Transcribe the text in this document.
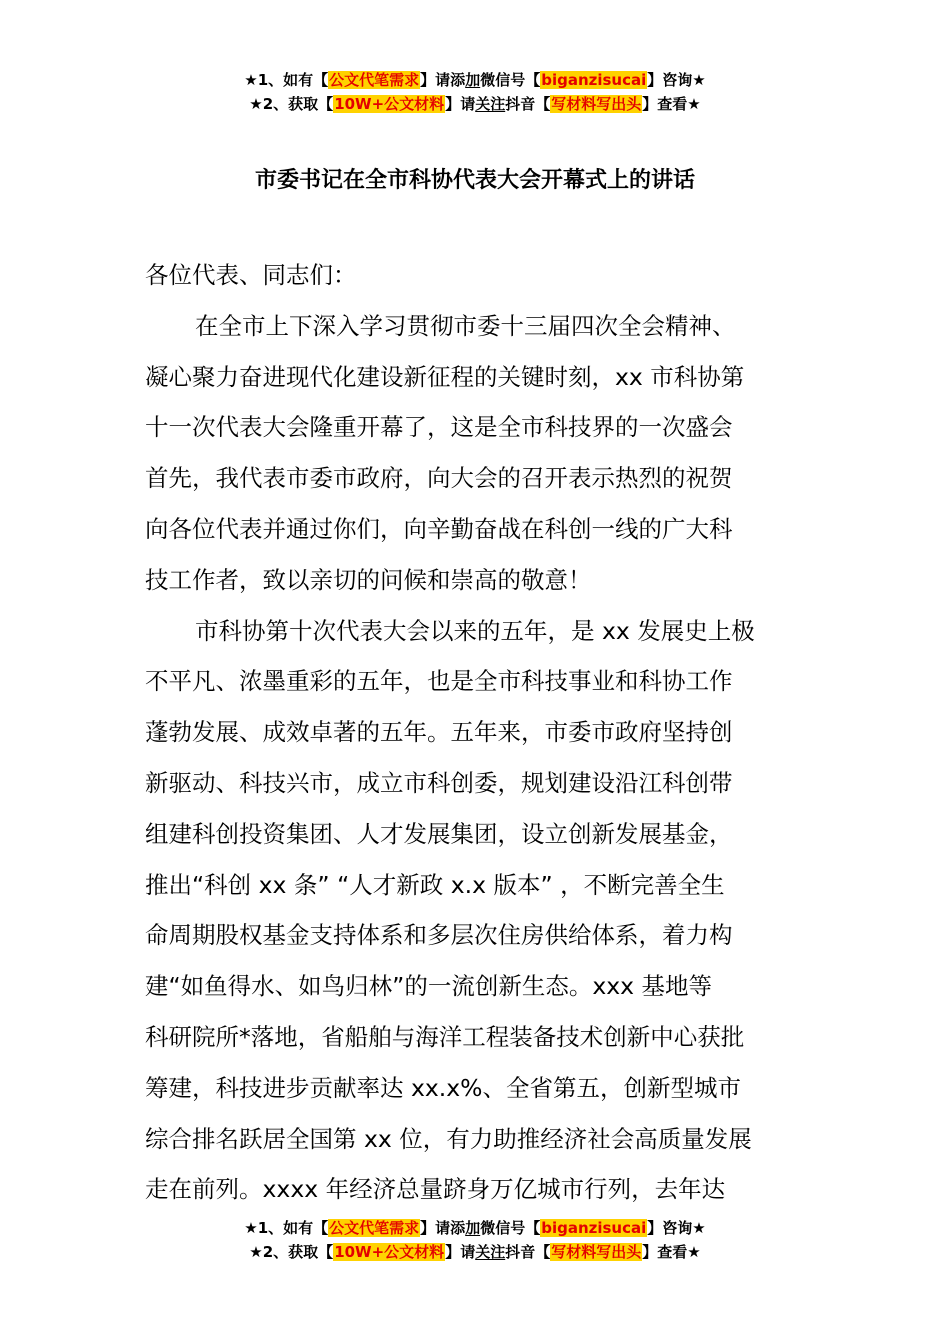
★1、如有【公文代笔需求】请添加微信号【biganzisucai】咨询★
★2、获取【10W+公文材料】请关注抖音【写材料写出头】查看★
市委书记在全市科协代表大会开幕式上的讲话
各位代表、同志们：
在全市上下深入学习贯彻市委十三届四次全会精神、
凝心聚力奋进现代化建设新征程的关键时刻，xx 市科协第
十一次代表大会隆重开幕了，这是全市科技界的一次盛会
首先，我代表市委市政府，向大会的召开表示热烈的祝贺
向各位代表并通过你们，向辛勤奋战在科创一线的广大科
技工作者，致以亲切的问候和崇高的敬意！
市科协第十次代表大会以来的五年，是 xx 发展史上极
不平凡、浓墨重彩的五年，也是全市科技事业和科协工作
蓬勃发展、成效卓著的五年。五年来，市委市政府坚持创
新驱动、科技兴市，成立市科创委，规划建设沿江科创带
组建科创投资集团、人才发展集团，设立创新发展基金，
推出“科创 xx 条” “人才新政 x.x 版本” ，不断完善全生
命周期股权基金支持体系和多层次住房供给体系，着力构
建“如鱼得水、如鸟归林”的一流创新生态。xxx 基地等
科研院所*落地，省船舶与海洋工程装备技术创新中心获批
筹建，科技进步贡献率达 xx.x%、全省第五，创新型城市
综合排名跃居全国第 xx 位，有力助推经济社会高质量发展
走在前列。xxxx 年经济总量跻身万亿城市行列，去年达
★1、如有【公文代笔需求】请添加微信号【biganzisucai】咨询★
★2、获取【10W+公文材料】请关注抖音【写材料写出头】查看★
